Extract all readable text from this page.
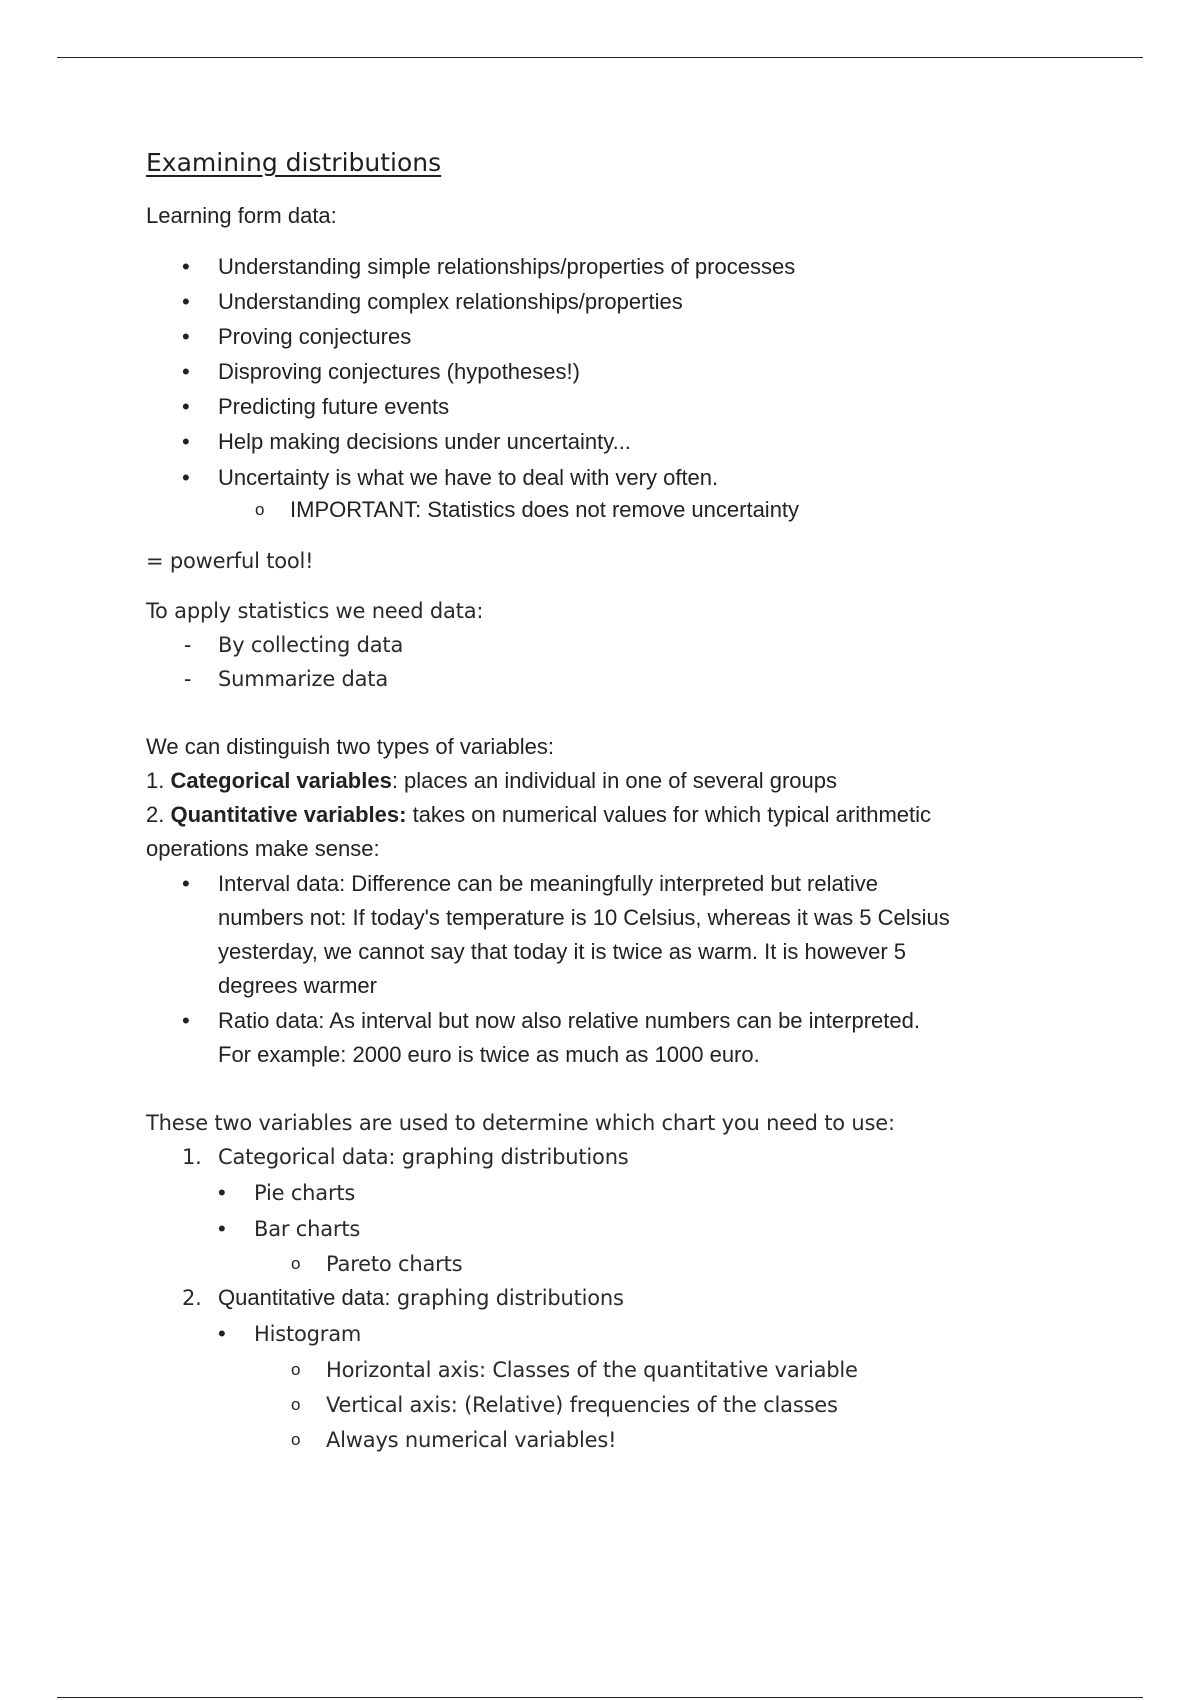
Examining distributions
Learning form data:
• Understanding simple relationships/properties of processes
• Understanding complex relationships/properties
• Proving conjectures
• Disproving conjectures (hypotheses!)
• Predicting future events
• Help making decisions under uncertainty...
• Uncertainty is what we have to deal with very often.
o IMPORTANT: Statistics does not remove uncertainty
= powerful tool!
To apply statistics we need data:
- By collecting data
- Summarize data
We can distinguish two types of variables:
1. Categorical variables: places an individual in one of several groups
2. Quantitative variables: takes on numerical values for which typical arithmetic
operations make sense:
• Interval data: Difference can be meaningfully interpreted but relative
numbers not: If today's temperature is 10 Celsius, whereas it was 5 Celsius
yesterday, we cannot say that today it is twice as warm. It is however 5
degrees warmer
• Ratio data: As interval but now also relative numbers can be interpreted.
For example: 2000 euro is twice as much as 1000 euro.
These two variables are used to determine which chart you need to use:
1. Categorical data: graphing distributions
• Pie charts
• Bar charts
o Pareto charts
2. Quantitative data: graphing distributions
• Histogram
o Horizontal axis: Classes of the quantitative variable
o Vertical axis: (Relative) frequencies of the classes
o Always numerical variables!
